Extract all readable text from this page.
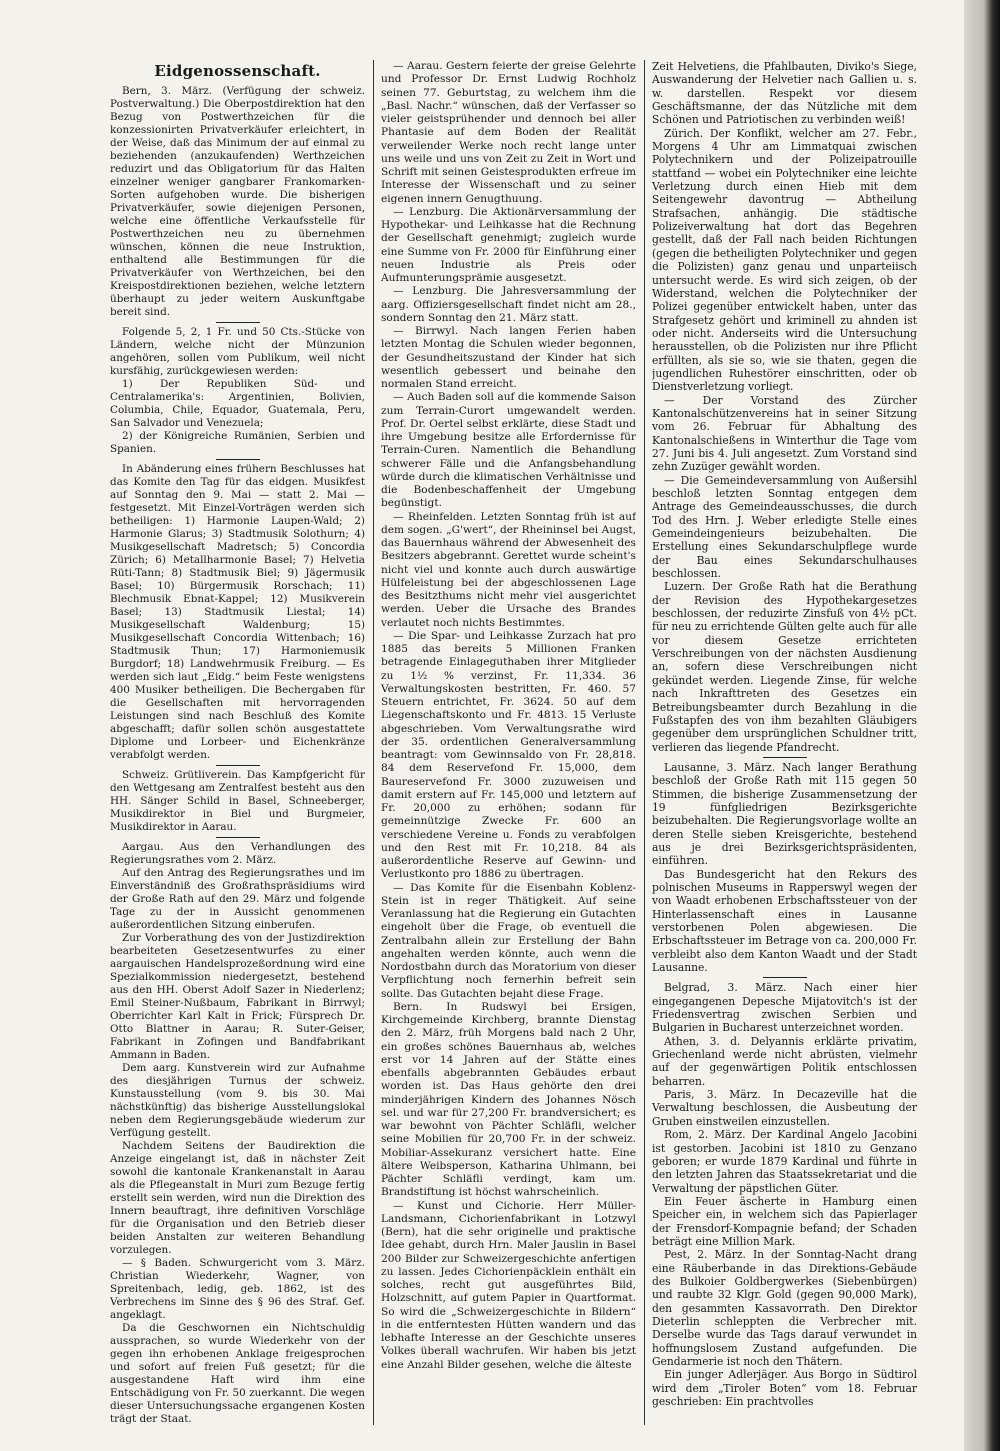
Eidgenossenschaft.

Bern, 3. März. (Verfügung der schweiz. Postverwaltung.) Die Oberpostdirektion hat den Bezug von Postwerthzeichen für die konzessionirten Privatverkäufer erleichtert, in der Weise, daß das Minimum der auf einmal zu beziehenden (anzukaufenden) Werthzeichen reduzirt und das Obligatorium für das Halten einzelner weniger gangbarer Frankomarken-Sorten aufgehoben wurde. Die bisherigen Privatverkäufer, sowie diejenigen Personen, welche eine öffentliche Verkaufsstelle für Postwerthzeichen neu zu übernehmen wünschen, können die neue Instruktion, enthaltend alle Bestimmungen für die Privatverkäufer von Werthzeichen, bei den Kreispostdirektionen beziehen, welche letztern überhaupt zu jeder weitern Auskunftgabe bereit sind.

Folgende 5, 2, 1 Fr. und 50 Cts.-Stücke von Ländern, welche nicht der Münzunion angehören, sollen vom Publikum, weil nicht kursfähig, zurückgewiesen werden:

1) Der Republiken Süd- und Centralamerika's: Argentinien, Bolivien, Columbia, Chile, Equador, Guatemala, Peru, San Salvador und Venezuela;

2) der Königreiche Rumänien, Serbien und Spanien.

In Abänderung eines frühern Beschlusses hat das Komite den Tag für das eidgen. Musikfest auf Sonntag den 9. Mai — statt 2. Mai — festgesetzt. Mit Einzel-Vorträgen werden sich betheiligen: 1) Harmonie Laupen-Wald; 2) Harmonie Glarus; 3) Stadtmusik Solothurn; 4) Musikgesellschaft Madretsch; 5) Concordia Zürich; 6) Metallharmonie Basel; 7) Helvetia Rüti-Tann; 8) Stadtmusik Biel; 9) Jägermusik Basel; 10) Bürgermusik Rorschach; 11) Blechmusik Ebnat-Kappel; 12) Musikverein Basel; 13) Stadtmusik Liestal; 14) Musikgesellschaft Waldenburg; 15) Musikgesellschaft Concordia Wittenbach; 16) Stadtmusik Thun; 17) Harmoniemusik Burgdorf; 18) Landwehrmusik Freiburg. — Es werden sich laut „Eidg.“ beim Feste wenigstens 400 Musiker betheiligen. Die Bechergaben für die Gesellschaften mit hervorragenden Leistungen sind nach Beschluß des Komite abgeschafft; dafür sollen schön ausgestattete Diplome und Lorbeer- und Eichenkränze verabfolgt werden.

Schweiz. Grütliverein. Das Kampfgericht für den Wettgesang am Zentralfest besteht aus den HH. Sänger Schild in Basel, Schneeberger, Musikdirektor in Biel und Burgmeier, Musikdirektor in Aarau.

Aargau. Aus den Verhandlungen des Regierungsrathes vom 2. März.

Auf den Antrag des Regierungsrathes und im Einverständniß des Großrathspräsidiums wird der Große Rath auf den 29. März und folgende Tage zu der in Aussicht genommenen außerordentlichen Sitzung einberufen.

Zur Vorberathung des von der Justizdirektion bearbeiteten Gesetzesentwurfes zu einer aargauischen Handelsprozeßordnung wird eine Spezialkommission niedergesetzt, bestehend aus den HH. Oberst Adolf Sazer in Niederlenz; Emil Steiner-Nußbaum, Fabrikant in Birrwyl; Oberrichter Karl Kalt in Frick; Fürsprech Dr. Otto Blattner in Aarau; R. Suter-Geiser, Fabrikant in Zofingen und Bandfabrikant Ammann in Baden.

Dem aarg. Kunstverein wird zur Aufnahme des diesjährigen Turnus der schweiz. Kunstausstellung (vom 9. bis 30. Mai nächstkünftig) das bisherige Ausstellungslokal neben dem Regierungsgebäude wiederum zur Verfügung gestellt.

Nachdem Seitens der Baudirektion die Anzeige eingelangt ist, daß in nächster Zeit sowohl die kantonale Krankenanstalt in Aarau als die Pflegeanstalt in Muri zum Bezuge fertig erstellt sein werden, wird nun die Direktion des Innern beauftragt, ihre definitiven Vorschläge für die Organisation und den Betrieb dieser beiden Anstalten zur weiteren Behandlung vorzulegen.

— § Baden. Schwurgericht vom 3. März. Christian Wiederkehr, Wagner, von Spreitenbach, ledig, geb. 1862, ist des Verbrechens im Sinne des § 96 des Straf. Gef. angeklagt.

Da die Geschwornen ein Nichtschuldig aussprachen, so wurde Wiederkehr von der gegen ihn erhobenen Anklage freigesprochen und sofort auf freien Fuß gesetzt; für die ausgestandene Haft wird ihm eine Entschädigung von Fr. 50 zuerkannt. Die wegen dieser Untersuchungssache ergangenen Kosten trägt der Staat.

— Aarau. Gestern feierte der greise Gelehrte und Professor Dr. Ernst Ludwig Rochholz seinen 77. Geburtstag, zu welchem ihm die „Basl. Nachr.“ wünschen, daß der Verfasser so vieler geistsprühender und dennoch bei aller Phantasie auf dem Boden der Realität verweilender Werke noch recht lange unter uns weile und uns von Zeit zu Zeit in Wort und Schrift mit seinen Geistesprodukten erfreue im Interesse der Wissenschaft und zu seiner eigenen innern Genugthuung.

— Lenzburg. Die Aktionärversammlung der Hypothekar- und Leihkasse hat die Rechnung der Gesellschaft genehmigt; zugleich wurde eine Summe von Fr. 2000 für Einführung einer neuen Industrie als Preis oder Aufmunterungsprämie ausgesetzt.

— Lenzburg. Die Jahresversammlung der aarg. Offiziersgesellschaft findet nicht am 28., sondern Sonntag den 21. März statt.

— Birrwyl. Nach langen Ferien haben letzten Montag die Schulen wieder begonnen, der Gesundheitszustand der Kinder hat sich wesentlich gebessert und beinahe den normalen Stand erreicht.

— Auch Baden soll auf die kommende Saison zum Terrain-Curort umgewandelt werden. Prof. Dr. Oertel selbst erklärte, diese Stadt und ihre Umgebung besitze alle Erfordernisse für Terrain-Curen. Namentlich die Behandlung schwerer Fälle und die Anfangsbehandlung würde durch die klimatischen Verhältnisse und die Bodenbeschaffenheit der Umgebung begünstigt.

— Rheinfelden. Letzten Sonntag früh ist auf dem sogen. „G'wert“, der Rheininsel bei Augst, das Bauernhaus während der Abwesenheit des Besitzers abgebrannt. Gerettet wurde scheint's nicht viel und konnte auch durch auswärtige Hülfeleistung bei der abgeschlossenen Lage des Besitzthums nicht mehr viel ausgerichtet werden. Ueber die Ursache des Brandes verlautet noch nichts Bestimmtes.

— Die Spar- und Leihkasse Zurzach hat pro 1885 das bereits 5 Millionen Franken betragende Einlageguthaben ihrer Mitglieder zu 1½ % verzinst, Fr. 11,334. 36 Verwaltungskosten bestritten, Fr. 460. 57 Steuern entrichtet, Fr. 3624. 50 auf dem Liegenschaftskonto und Fr. 4813. 15 Verluste abgeschrieben. Vom Verwaltungsrathe wird der 35. ordentlichen Generalversammlung beantragt: vom Gewinnsaldo von Fr. 28,818. 84 dem Reservefond Fr. 15,000, dem Baureservefond Fr. 3000 zuzuweisen und damit erstern auf Fr. 145,000 und letztern auf Fr. 20,000 zu erhöhen; sodann für gemeinnützige Zwecke Fr. 600 an verschiedene Vereine u. Fonds zu verabfolgen und den Rest mit Fr. 10,218. 84 als außerordentliche Reserve auf Gewinn- und Verlustkonto pro 1886 zu übertragen.

— Das Komite für die Eisenbahn Koblenz-Stein ist in reger Thätigkeit. Auf seine Veranlassung hat die Regierung ein Gutachten eingeholt über die Frage, ob eventuell die Zentralbahn allein zur Erstellung der Bahn angehalten werden könnte, auch wenn die Nordostbahn durch das Moratorium von dieser Verpflichtung noch fernerhin befreit sein sollte. Das Gutachten bejaht diese Frage.

Bern. In Rudswyl bei Ersigen, Kirchgemeinde Kirchberg, brannte Dienstag den 2. März, früh Morgens bald nach 2 Uhr, ein großes schönes Bauernhaus ab, welches erst vor 14 Jahren auf der Stätte eines ebenfalls abgebrannten Gebäudes erbaut worden ist. Das Haus gehörte den drei minderjährigen Kindern des Johannes Nösch sel. und war für 27,200 Fr. brandversichert; es war bewohnt von Pächter Schläfli, welcher seine Mobilien für 20,700 Fr. in der schweiz. Mobiliar-Assekuranz versichert hatte. Eine ältere Weibsperson, Katharina Uhlmann, bei Pächter Schläfli verdingt, kam um. Brandstiftung ist höchst wahrscheinlich.

— Kunst und Cichorie. Herr Müller-Landsmann, Cichorienfabrikant in Lotzwyl (Bern), hat die sehr originelle und praktische Idee gehabt, durch Hrn. Maler Jauslin in Basel 200 Bilder zur Schweizergeschichte anfertigen zu lassen. Jedes Cichorienpäcklein enthält ein solches, recht gut ausgeführtes Bild, Holzschnitt, auf gutem Papier in Quartformat. So wird die „Schweizergeschichte in Bildern“ in die entferntesten Hütten wandern und das lebhafte Interesse an der Geschichte unseres Volkes überall wachrufen. Wir haben bis jetzt eine Anzahl Bilder gesehen, welche die älteste

Zeit Helvetiens, die Pfahlbauten, Diviko's Siege, Auswanderung der Helvetier nach Gallien u. s. w. darstellen. Respekt vor diesem Geschäftsmanne, der das Nützliche mit dem Schönen und Patriotischen zu verbinden weiß!

Zürich. Der Konflikt, welcher am 27. Febr., Morgens 4 Uhr am Limmatquai zwischen Polytechnikern und der Polizeipatrouille stattfand — wobei ein Polytechniker eine leichte Verletzung durch einen Hieb mit dem Seitengewehr davontrug — Abtheilung Strafsachen, anhängig. Die städtische Polizeiverwaltung hat dort das Begehren gestellt, daß der Fall nach beiden Richtungen (gegen die betheiligten Polytechniker und gegen die Polizisten) ganz genau und unparteiisch untersucht werde. Es wird sich zeigen, ob der Widerstand, welchen die Polytechniker der Polizei gegenüber entwickelt haben, unter das Strafgesetz gehört und kriminell zu ahnden ist oder nicht. Anderseits wird die Untersuchung herausstellen, ob die Polizisten nur ihre Pflicht erfüllten, als sie so, wie sie thaten, gegen die jugendlichen Ruhestörer einschritten, oder ob Dienstverletzung vorliegt.

— Der Vorstand des Zürcher Kantonalschützenvereins hat in seiner Sitzung vom 26. Februar für Abhaltung des Kantonalschießens in Winterthur die Tage vom 27. Juni bis 4. Juli angesetzt. Zum Vorstand sind zehn Zuzüger gewählt worden.

— Die Gemeindeversammlung von Außersihl beschloß letzten Sonntag entgegen dem Antrage des Gemeindeausschusses, die durch Tod des Hrn. J. Weber erledigte Stelle eines Gemeindeingenieurs beizubehalten. Die Erstellung eines Sekundarschulpflege wurde der Bau eines Sekundarschulhauses beschlossen.

Luzern. Der Große Rath hat die Berathung der Revision des Hypothekargesetzes beschlossen, der reduzirte Zinsfuß von 4½ pCt. für neu zu errichtende Gülten gelte auch für alle vor diesem Gesetze errichteten Verschreibungen von der nächsten Ausdienung an, sofern diese Verschreibungen nicht gekündet werden. Liegende Zinse, für welche nach Inkrafttreten des Gesetzes ein Betreibungsbeamter durch Bezahlung in die Fußstapfen des von ihm bezahlten Gläubigers gegenüber dem ursprünglichen Schuldner tritt, verlieren das liegende Pfandrecht.

Lausanne, 3. März. Nach langer Berathung beschloß der Große Rath mit 115 gegen 50 Stimmen, die bisherige Zusammensetzung der 19 fünfgliedrigen Bezirksgerichte beizubehalten. Die Regierungsvorlage wollte an deren Stelle sieben Kreisgerichte, bestehend aus je drei Bezirksgerichtspräsidenten, einführen.

Das Bundesgericht hat den Rekurs des polnischen Museums in Rapperswyl wegen der von Waadt erhobenen Erbschaftssteuer von der Hinterlassenschaft eines in Lausanne verstorbenen Polen abgewiesen. Die Erbschaftssteuer im Betrage von ca. 200,000 Fr. verbleibt also dem Kanton Waadt und der Stadt Lausanne.

Belgrad, 3. März. Nach einer hier eingegangenen Depesche Mijatovitch's ist der Friedensvertrag zwischen Serbien und Bulgarien in Bucharest unterzeichnet worden.

Athen, 3. d. Delyannis erklärte privatim, Griechenland werde nicht abrüsten, vielmehr auf der gegenwärtigen Politik entschlossen beharren.

Paris, 3. März. In Decazeville hat die Verwaltung beschlossen, die Ausbeutung der Gruben einstweilen einzustellen.

Rom, 2. März. Der Kardinal Angelo Jacobini ist gestorben. Jacobini ist 1810 zu Genzano geboren; er wurde 1879 Kardinal und führte in den letzten Jahren das Staatssekretariat und die Verwaltung der päpstlichen Güter.

Ein Feuer äscherte in Hamburg einen Speicher ein, in welchem sich das Papierlager der Frensdorf-Kompagnie befand; der Schaden beträgt eine Million Mark.

Pest, 2. März. In der Sonntag-Nacht drang eine Räuberbande in das Direktions-Gebäude des Bulkoier Goldbergwerkes (Siebenbürgen) und raubte 32 Klgr. Gold (gegen 90,000 Mark), den gesammten Kassavorrath. Den Direktor Dieterlin schleppten die Verbrecher mit. Derselbe wurde das Tags darauf verwundet in hoffnungslosem Zustand aufgefunden. Die Gendarmerie ist noch den Thätern.

Ein junger Adlerjäger. Aus Borgo in Südtirol wird dem „Tiroler Boten“ vom 18. Februar geschrieben: Ein prachtvolles
